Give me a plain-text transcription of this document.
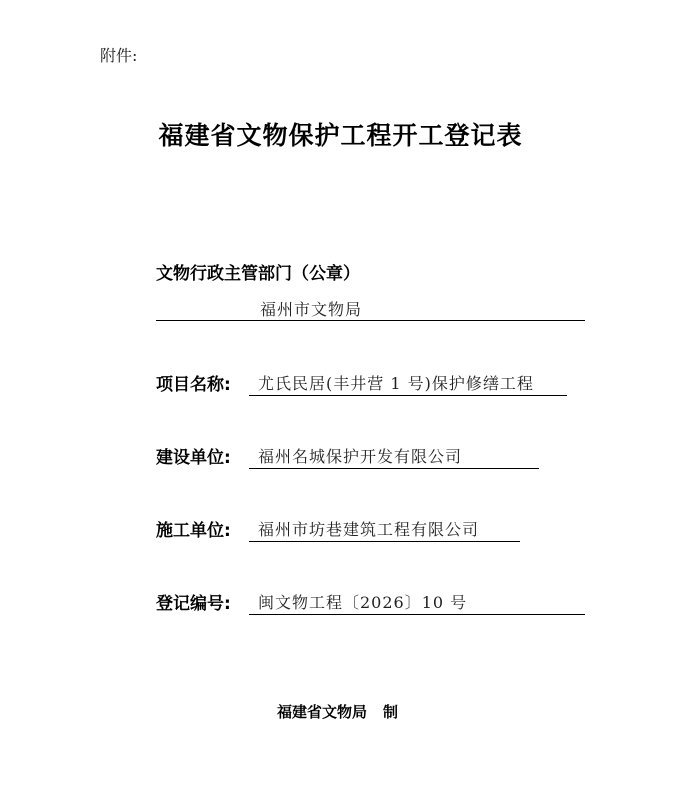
附件:
福建省文物保护工程开工登记表
文物行政主管部门（公章）
福州市文物局
项目名称: 尤氏民居(丰井营 1 号)保护修缮工程
建设单位: 福州名城保护开发有限公司
施工单位: 福州市坊巷建筑工程有限公司
登记编号: 闽文物工程〔2026〕10 号
福建省文物局 制
